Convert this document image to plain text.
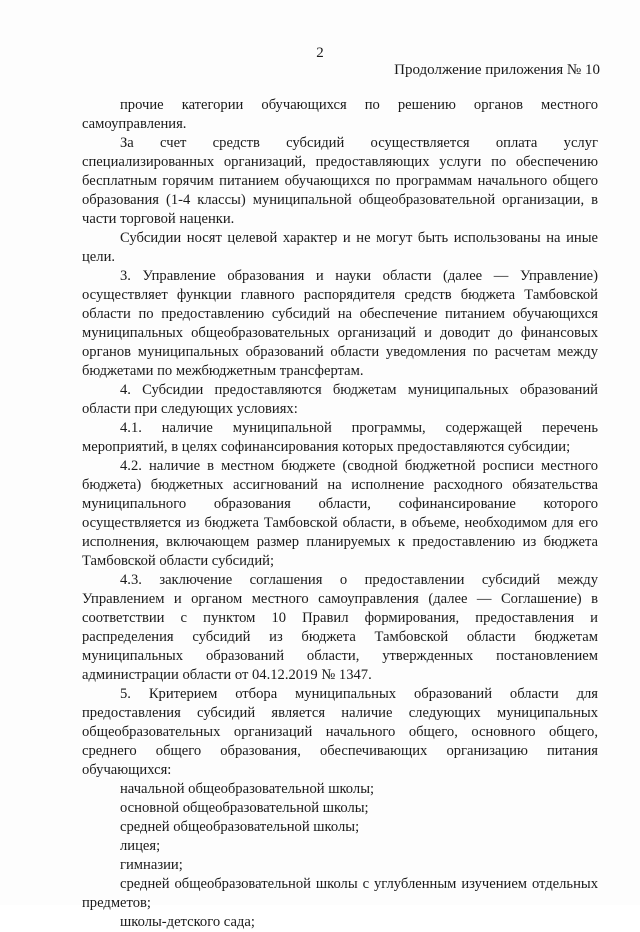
2
Продолжение приложения № 10

прочие категории обучающихся по решению органов местного самоуправления.

За счет средств субсидий осуществляется оплата услуг специализированных организаций, предоставляющих услуги по обеспечению бесплатным горячим питанием обучающихся по программам начального общего образования (1-4 классы) муниципальной общеобразовательной организации, в части торговой наценки.

Субсидии носят целевой характер и не могут быть использованы на иные цели.

3. Управление образования и науки области (далее — Управление) осуществляет функции главного распорядителя средств бюджета Тамбовской области по предоставлению субсидий на обеспечение питанием обучающихся муниципальных общеобразовательных организаций и доводит до финансовых органов муниципальных образований области уведомления по расчетам между бюджетами по межбюджетным трансфертам.

4. Субсидии предоставляются бюджетам муниципальных образований области при следующих условиях:

4.1. наличие муниципальной программы, содержащей перечень мероприятий, в целях софинансирования которых предоставляются субсидии;

4.2. наличие в местном бюджете (сводной бюджетной росписи местного бюджета) бюджетных ассигнований на исполнение расходного обязательства муниципального образования области, софинансирование которого осуществляется из бюджета Тамбовской области, в объеме, необходимом для его исполнения, включающем размер планируемых к предоставлению из бюджета Тамбовской области субсидий;

4.3. заключение соглашения о предоставлении субсидий между Управлением и органом местного самоуправления (далее — Соглашение) в соответствии с пунктом 10 Правил формирования, предоставления и распределения субсидий из бюджета Тамбовской области бюджетам муниципальных образований области, утвержденных постановлением администрации области от 04.12.2019 № 1347.

5. Критерием отбора муниципальных образований области для предоставления субсидий является наличие следующих муниципальных общеобразовательных организаций начального общего, основного общего, среднего общего образования, обеспечивающих организацию питания обучающихся:

начальной общеобразовательной школы;

основной общеобразовательной школы;

средней общеобразовательной школы;

лицея;

гимназии;

средней общеобразовательной школы с углубленным изучением отдельных предметов;

школы-детского сада;
